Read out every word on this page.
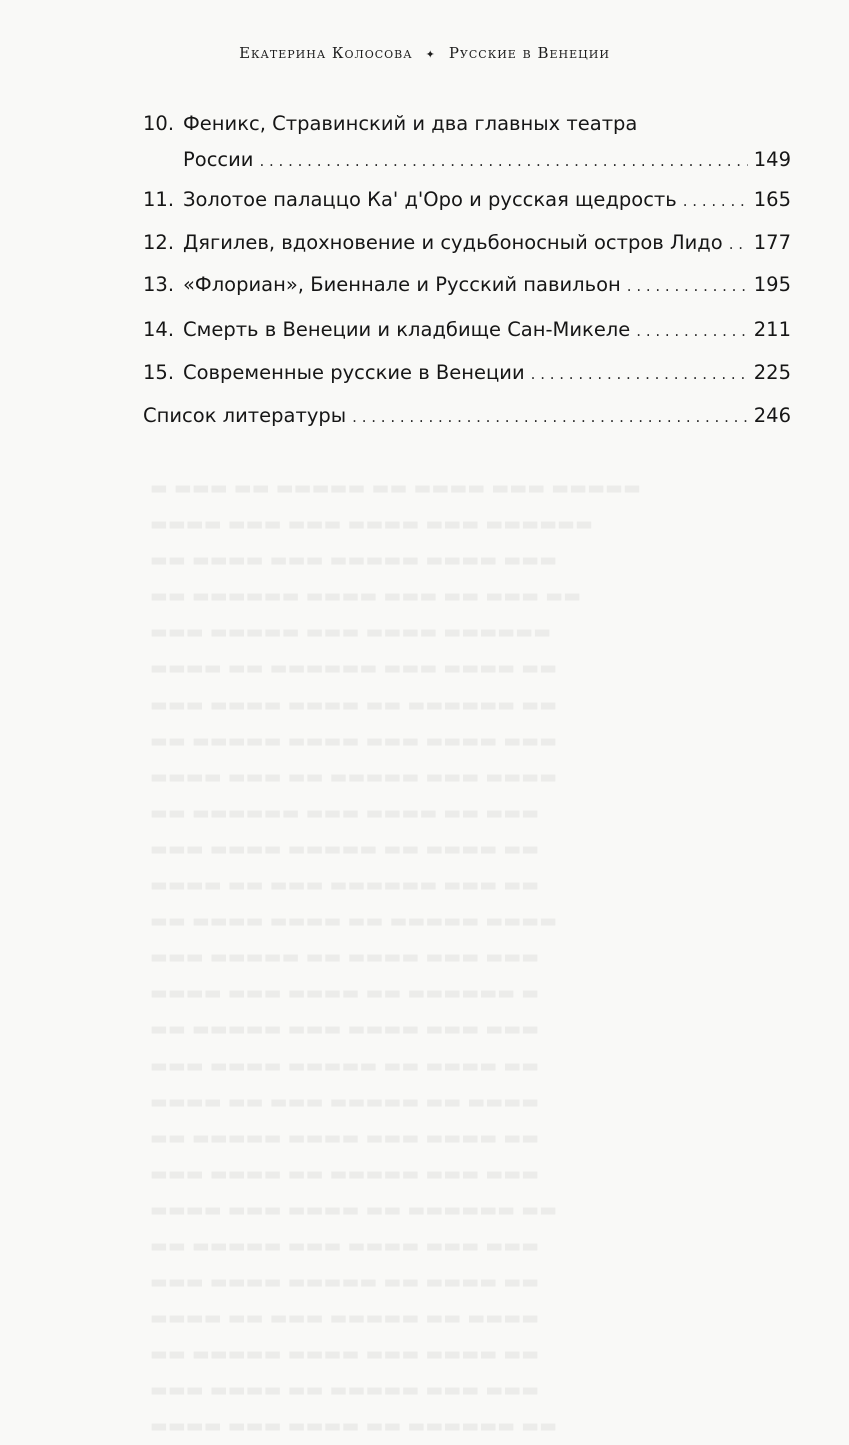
▬ ▬▬▬ ▬▬ ▬▬▬▬▬ ▬▬ ▬▬▬▬ ▬▬▬ ▬▬▬▬▬
▬▬▬▬ ▬▬▬ ▬▬▬ ▬▬▬▬ ▬▬▬ ▬▬▬▬▬▬
▬▬ ▬▬▬▬ ▬▬▬ ▬▬▬▬▬ ▬▬▬▬ ▬▬▬
▬▬ ▬▬▬▬▬▬ ▬▬▬▬ ▬▬▬ ▬▬ ▬▬▬ ▬▬
▬▬▬ ▬▬▬▬▬ ▬▬▬ ▬▬▬▬ ▬▬▬▬▬▬
▬▬▬▬ ▬▬ ▬▬▬▬▬▬ ▬▬▬ ▬▬▬▬ ▬▬
▬▬▬ ▬▬▬▬ ▬▬▬▬ ▬▬ ▬▬▬▬▬▬ ▬▬
▬▬ ▬▬▬▬▬ ▬▬▬▬ ▬▬▬ ▬▬▬▬ ▬▬▬
▬▬▬▬ ▬▬▬ ▬▬ ▬▬▬▬▬ ▬▬▬ ▬▬▬▬
▬▬ ▬▬▬▬▬▬ ▬▬▬ ▬▬▬▬ ▬▬ ▬▬▬
▬▬▬ ▬▬▬▬ ▬▬▬▬▬ ▬▬ ▬▬▬▬ ▬▬
▬▬▬▬ ▬▬ ▬▬▬ ▬▬▬▬▬▬ ▬▬▬ ▬▬
▬▬ ▬▬▬▬ ▬▬▬▬ ▬▬ ▬▬▬▬▬ ▬▬▬▬
▬▬▬ ▬▬▬▬▬ ▬▬ ▬▬▬▬ ▬▬▬ ▬▬▬
▬▬▬▬ ▬▬▬ ▬▬▬▬ ▬▬ ▬▬▬▬▬▬ ▬
▬▬ ▬▬▬▬▬ ▬▬▬ ▬▬▬▬ ▬▬▬ ▬▬▬
▬▬▬ ▬▬▬▬ ▬▬▬▬▬ ▬▬ ▬▬▬▬ ▬▬
▬▬▬▬ ▬▬ ▬▬▬ ▬▬▬▬▬ ▬▬ ▬▬▬▬
▬▬ ▬▬▬▬▬ ▬▬▬▬ ▬▬▬ ▬▬▬▬ ▬▬
▬▬▬ ▬▬▬▬ ▬▬ ▬▬▬▬▬ ▬▬▬ ▬▬▬
▬▬▬▬ ▬▬▬ ▬▬▬▬ ▬▬ ▬▬▬▬▬▬ ▬▬
▬▬ ▬▬▬▬▬ ▬▬▬ ▬▬▬▬ ▬▬▬ ▬▬▬
▬▬▬ ▬▬▬▬ ▬▬▬▬▬ ▬▬ ▬▬▬▬ ▬▬
▬▬▬▬ ▬▬ ▬▬▬ ▬▬▬▬▬ ▬▬ ▬▬▬▬
▬▬ ▬▬▬▬▬ ▬▬▬▬ ▬▬▬ ▬▬▬▬ ▬▬
▬▬▬ ▬▬▬▬ ▬▬ ▬▬▬▬▬ ▬▬▬ ▬▬▬
▬▬▬▬ ▬▬▬ ▬▬▬▬ ▬▬ ▬▬▬▬▬▬ ▬▬
Екатерина Колосова ✦ Русские в Венеции
10. Феникс, Стравинский и два главных театра
России . . .	149
11. Золотое палаццо Ка' д'Оро и русская щедрость . . .	165
12. Дягилев, вдохновение и судьбоносный остров Лидо . . . 177
13. «Флориан», Биеннале и Русский павильон . . .	195
14. Смерть в Венеции и кладбище Сан-Микеле . . .	211
15. Современные русские в Венеции . . .	225
Список литературы . . .	246
